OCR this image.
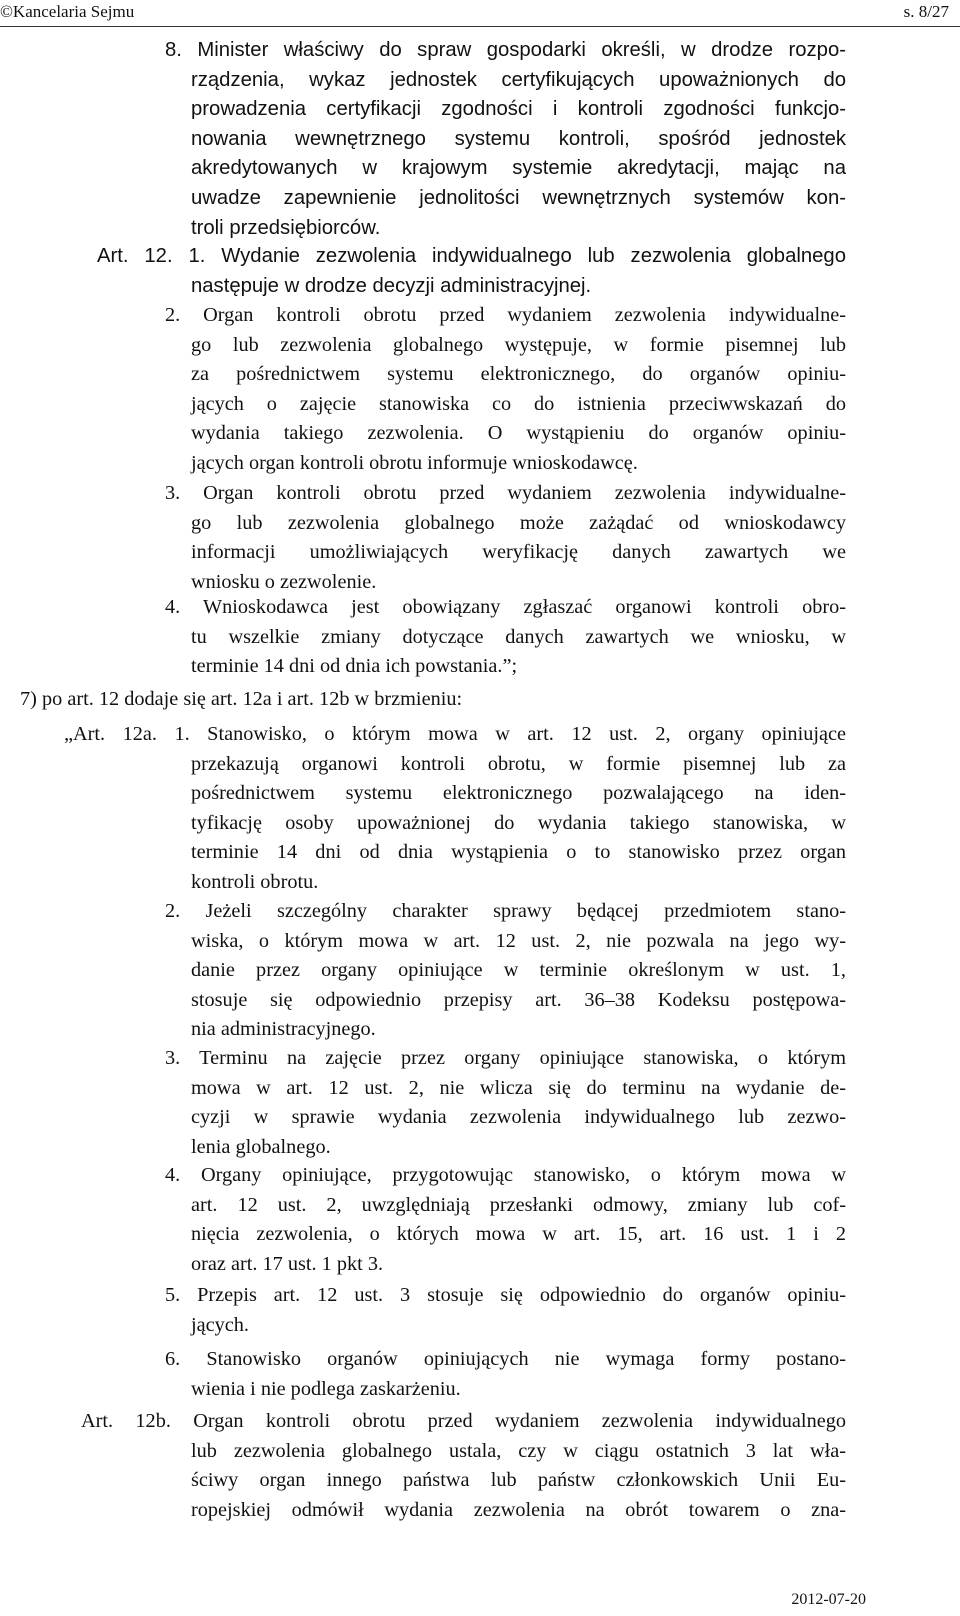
©Kancelaria Sejmu	s. 8/27
8. Minister właściwy do spraw gospodarki określi, w drodze rozpo-
rządzenia, wykaz jednostek certyfikujących upoważnionych do
prowadzenia certyfikacji zgodności i kontroli zgodności funkcjo-
nowania wewnętrznego systemu kontroli, spośród jednostek
akredytowanych w krajowym systemie akredytacji, mając na
uwadze zapewnienie jednolitości wewnętrznych systemów kon-
troli przedsiębiorców.
Art. 12. 1. Wydanie zezwolenia indywidualnego lub zezwolenia globalnego
następuje w drodze decyzji administracyjnej.
2. Organ kontroli obrotu przed wydaniem zezwolenia indywidualne-
go lub zezwolenia globalnego występuje, w formie pisemnej lub
za pośrednictwem systemu elektronicznego, do organów opiniu-
jących o zajęcie stanowiska co do istnienia przeciwwskazań do
wydania takiego zezwolenia. O wystąpieniu do organów opiniu-
jących organ kontroli obrotu informuje wnioskodawcę.
3. Organ kontroli obrotu przed wydaniem zezwolenia indywidualne-
go lub zezwolenia globalnego może zażądać od wnioskodawcy
informacji umożliwiających weryfikację danych zawartych we
wniosku o zezwolenie.
4. Wnioskodawca jest obowiązany zgłaszać organowi kontroli obro-
tu wszelkie zmiany dotyczące danych zawartych we wniosku, w
terminie 14 dni od dnia ich powstania.”;
7) po art. 12 dodaje się art. 12a i art. 12b w brzmieniu:
„Art. 12a. 1. Stanowisko, o którym mowa w art. 12 ust. 2, organy opiniujące
przekazują organowi kontroli obrotu, w formie pisemnej lub za
pośrednictwem systemu elektronicznego pozwalającego na iden-
tyfikację osoby upoważnionej do wydania takiego stanowiska, w
terminie 14 dni od dnia wystąpienia o to stanowisko przez organ
kontroli obrotu.
2. Jeżeli szczególny charakter sprawy będącej przedmiotem stano-
wiska, o którym mowa w art. 12 ust. 2, nie pozwala na jego wy-
danie przez organy opiniujące w terminie określonym w ust. 1,
stosuje się odpowiednio przepisy art. 36–38 Kodeksu postępowa-
nia administracyjnego.
3. Terminu na zajęcie przez organy opiniujące stanowiska, o którym
mowa w art. 12 ust. 2, nie wlicza się do terminu na wydanie de-
cyzji w sprawie wydania zezwolenia indywidualnego lub zezwo-
lenia globalnego.
4. Organy opiniujące, przygotowując stanowisko, o którym mowa w
art. 12 ust. 2, uwzględniają przesłanki odmowy, zmiany lub cof-
nięcia zezwolenia, o których mowa w art. 15, art. 16 ust. 1 i 2
oraz art. 17 ust. 1 pkt 3.
5. Przepis art. 12 ust. 3 stosuje się odpowiednio do organów opiniu-
jących.
6. Stanowisko organów opiniujących nie wymaga formy postano-
wienia i nie podlega zaskarżeniu.
Art. 12b. Organ kontroli obrotu przed wydaniem zezwolenia indywidualnego
lub zezwolenia globalnego ustala, czy w ciągu ostatnich 3 lat wła-
ściwy organ innego państwa lub państw członkowskich Unii Eu-
ropejskiej odmówił wydania zezwolenia na obrót towarem o zna-
2012-07-20
